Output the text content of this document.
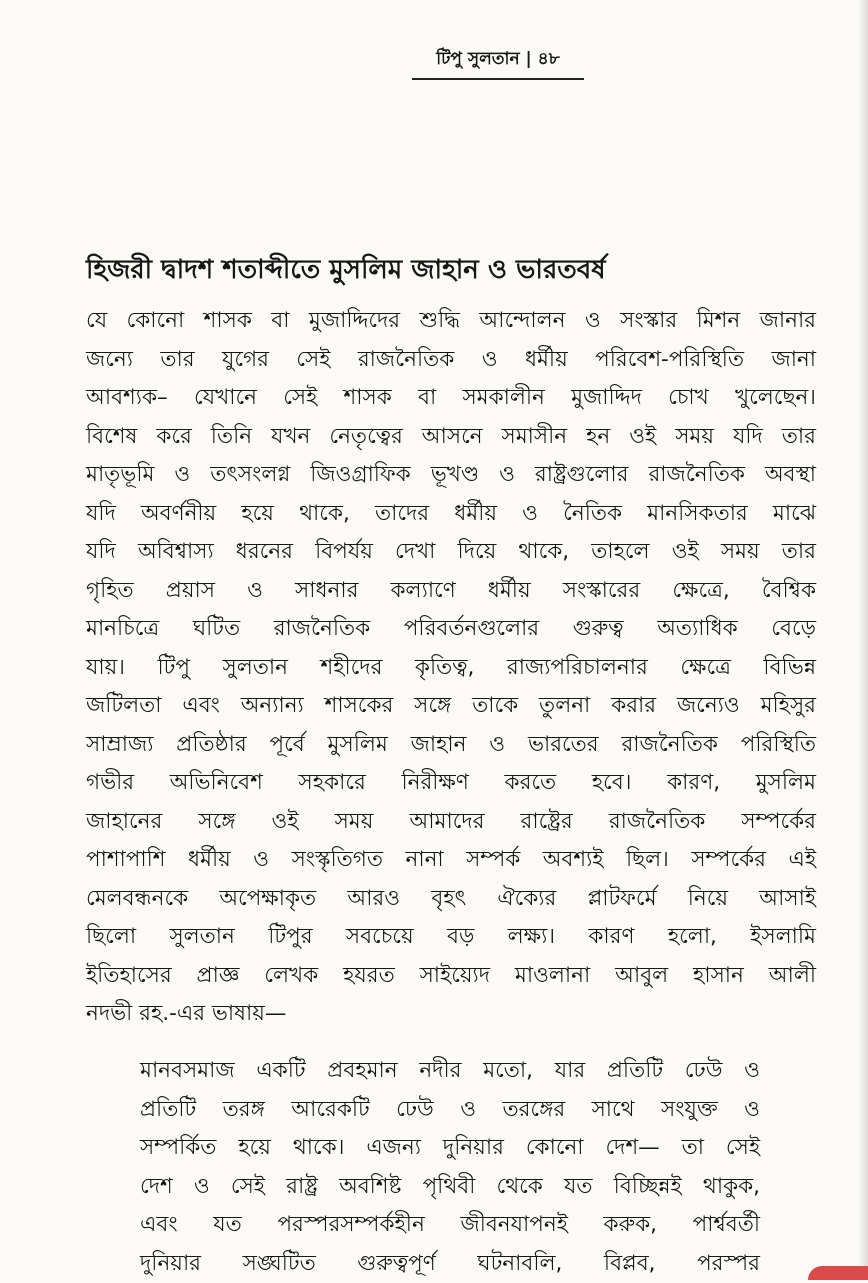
টিপু সুলতান | ৪৮
হিজরী দ্বাদশ শতাব্দীতে মুসলিম জাহান ও ভারতবর্ষ
যে কোনো শাসক বা মুজাদ্দিদের শুদ্ধি আন্দোলন ও সংস্কার মিশন জানার
জন্যে তার যুগের সেই রাজনৈতিক ও ধর্মীয় পরিবেশ-পরিস্থিতি জানা
আবশ্যক– যেখানে সেই শাসক বা সমকালীন মুজাদ্দিদ চোখ খুলেছেন।
বিশেষ করে তিনি যখন নেতৃত্বের আসনে সমাসীন হন ওই সময় যদি তার
মাতৃভূমি ও তৎসংলগ্ন জিওগ্রাফিক ভূখণ্ড ও রাষ্ট্রগুলোর রাজনৈতিক অবস্থা
যদি অবর্ণনীয় হয়ে থাকে, তাদের ধর্মীয় ও নৈতিক মানসিকতার মাঝে
যদি অবিশ্বাস্য ধরনের বিপর্যয় দেখা দিয়ে থাকে, তাহলে ওই সময় তার
গৃহিত প্রয়াস ও সাধনার কল্যাণে ধর্মীয় সংস্কারের ক্ষেত্রে, বৈশ্বিক
মানচিত্রে ঘটিত রাজনৈতিক পরিবর্তনগুলোর গুরুত্ব অত্যাধিক বেড়ে
যায়। টিপু সুলতান শহীদের কৃতিত্ব, রাজ্যপরিচালনার ক্ষেত্রে বিভিন্ন
জটিলতা এবং অন্যান্য শাসকের সঙ্গে তাকে তুলনা করার জন্যেও মহিসুর
সাম্রাজ্য প্রতিষ্ঠার পূর্বে মুসলিম জাহান ও ভারতের রাজনৈতিক পরিস্থিতি
গভীর অভিনিবেশ সহকারে নিরীক্ষণ করতে হবে। কারণ, মুসলিম
জাহানের সঙ্গে ওই সময় আমাদের রাষ্ট্রের রাজনৈতিক সম্পর্কের
পাশাপাশি ধর্মীয় ও সংস্কৃতিগত নানা সম্পর্ক অবশ্যই ছিল। সম্পর্কের এই
মেলবন্ধনকে অপেক্ষাকৃত আরও বৃহৎ ঐক্যের প্লাটফর্মে নিয়ে আসাই
ছিলো সুলতান টিপুর সবচেয়ে বড় লক্ষ্য। কারণ হলো, ইসলামি
ইতিহাসের প্রাজ্ঞ লেখক হযরত সাইয়্যেদ মাওলানা আবুল হাসান আলী
নদভী রহ.-এর ভাষায়—
মানবসমাজ একটি প্রবহমান নদীর মতো, যার প্রতিটি ঢেউ ও
প্রতিটি তরঙ্গ আরেকটি ঢেউ ও তরঙ্গের সাথে সংযুক্ত ও
সম্পর্কিত হয়ে থাকে। এজন্য দুনিয়ার কোনো দেশ— তা সেই
দেশ ও সেই রাষ্ট্র অবশিষ্ট পৃথিবী থেকে যত বিচ্ছিন্নই থাকুক,
এবং যত পরস্পরসম্পর্কহীন জীবনযাপনই করুক, পার্শ্ববর্তী
দুনিয়ার সঙ্ঘটিত গুরুত্বপূর্ণ ঘটনাবলি, বিপ্লব, পরস্পর
